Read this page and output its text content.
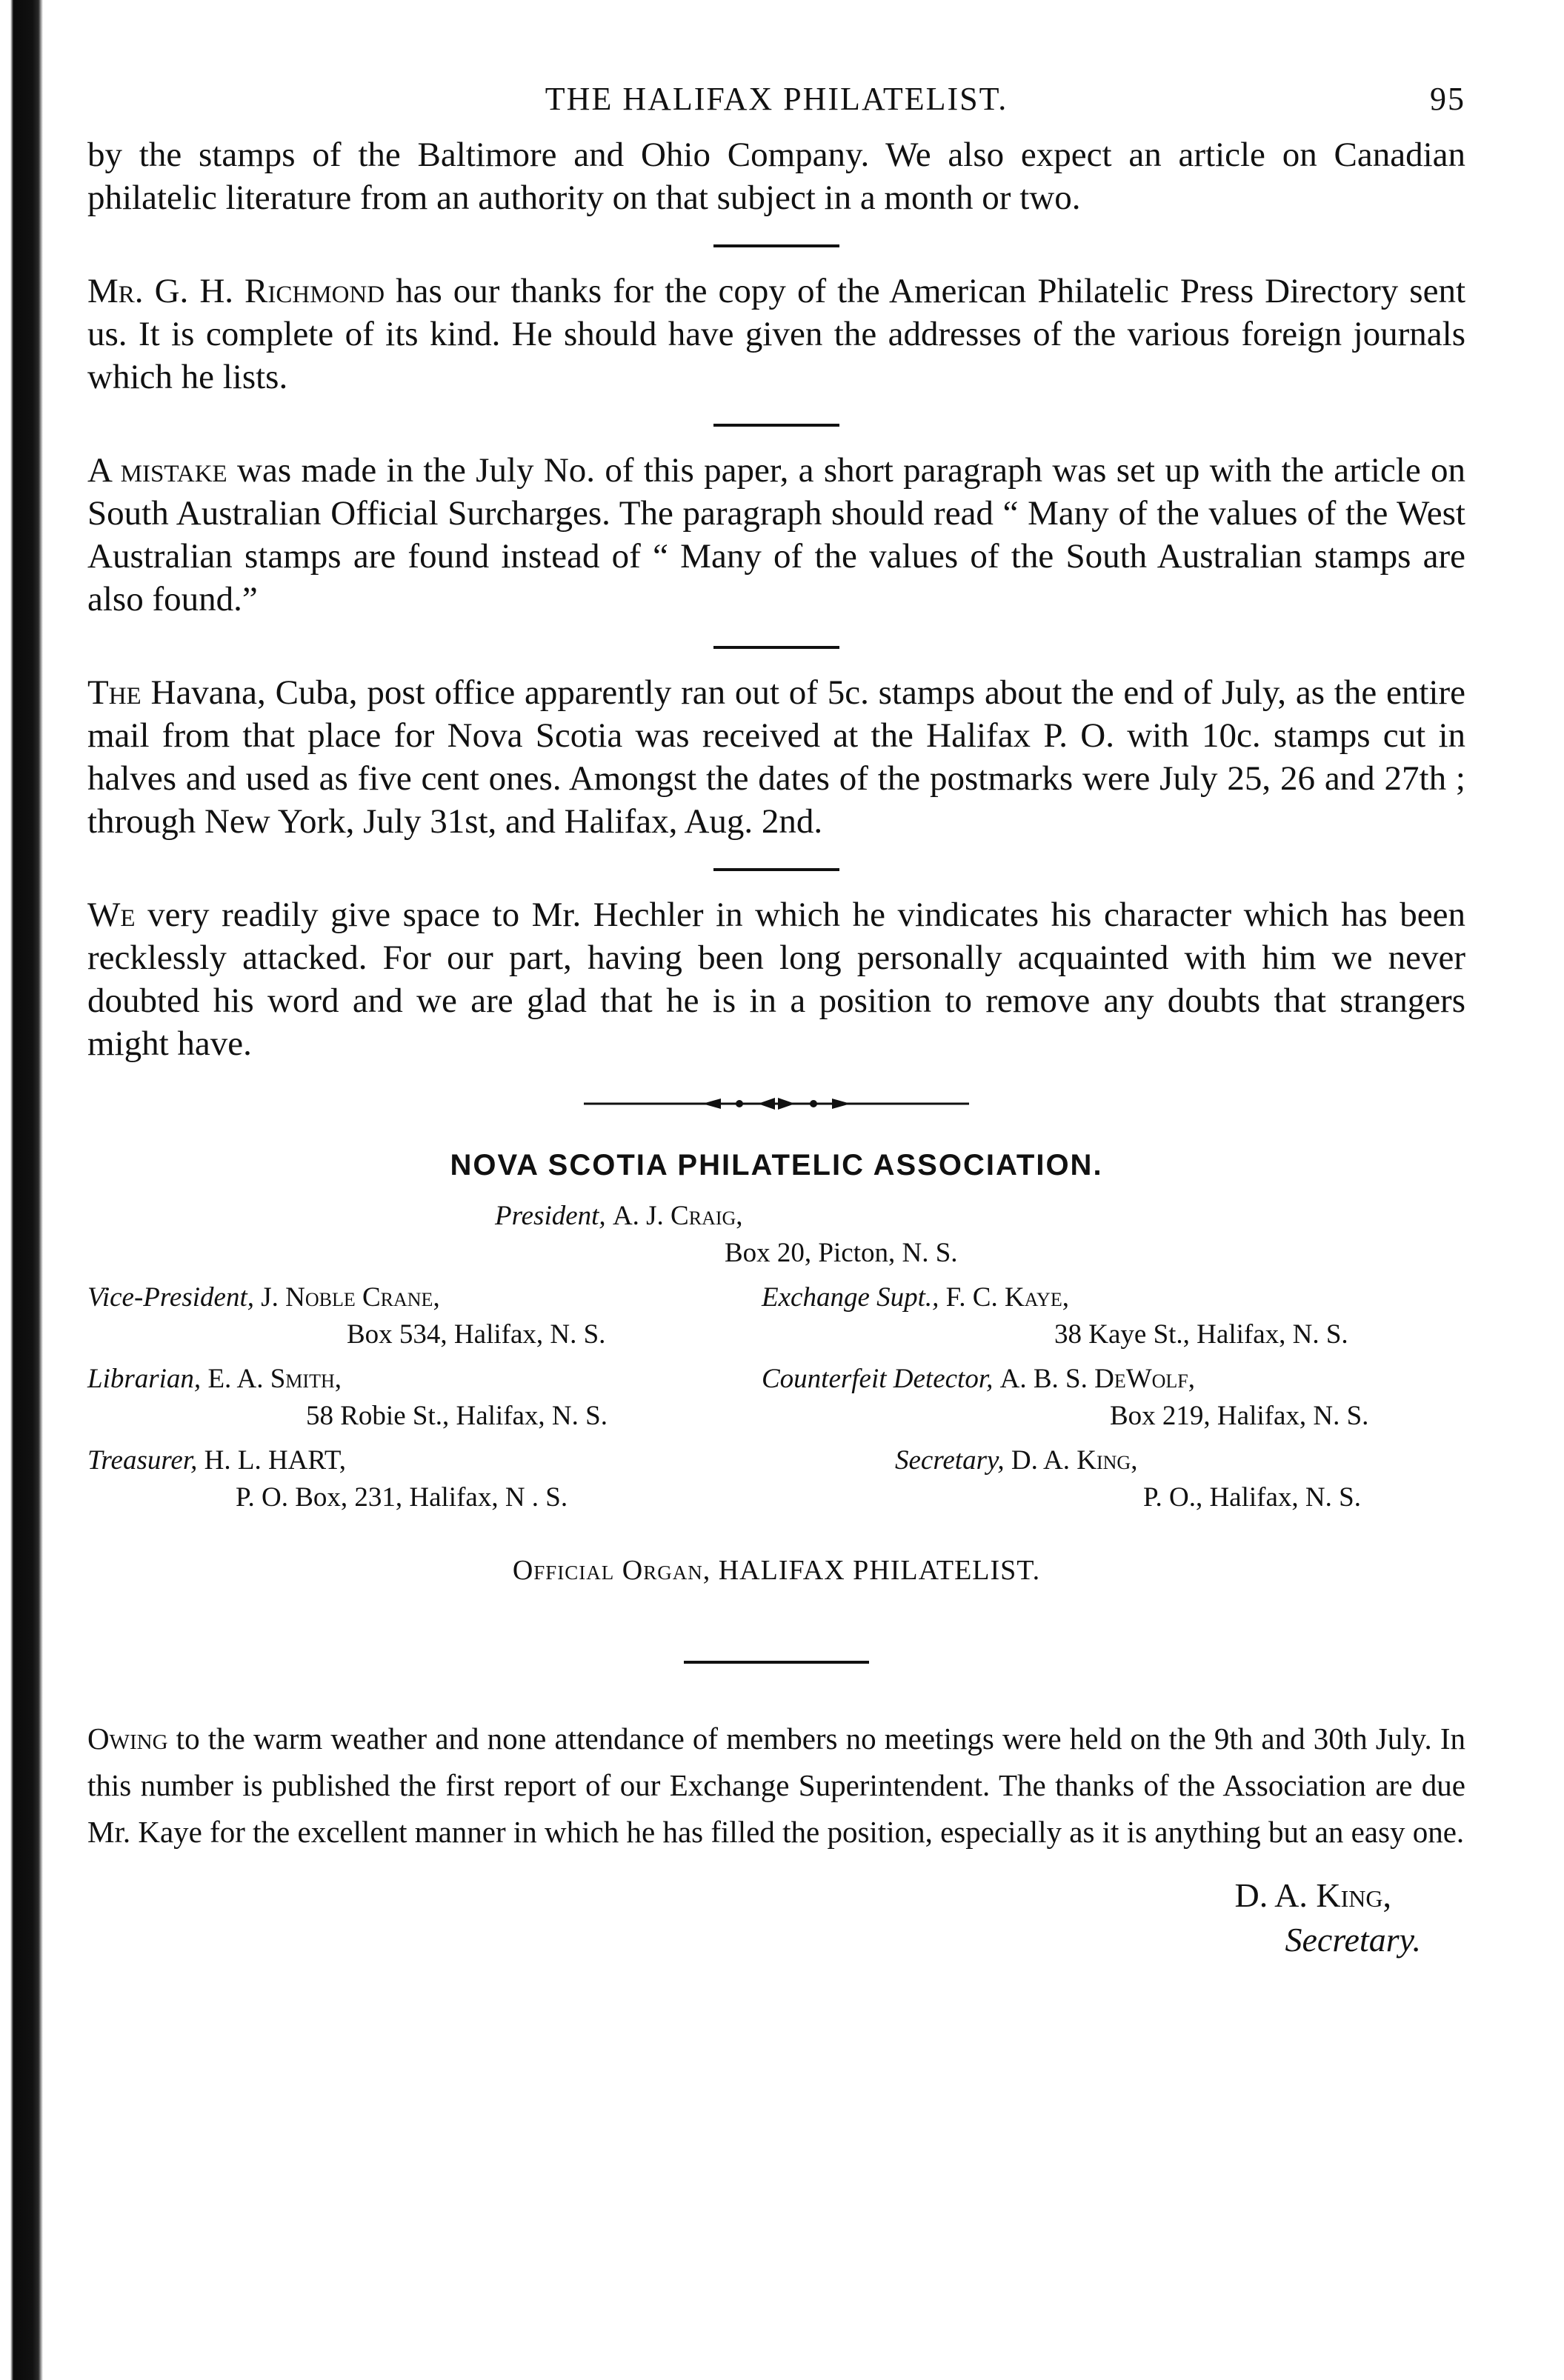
THE HALIFAX PHILATELIST.	95

by the stamps of the Baltimore and Ohio Company. We also expect an article on Canadian philatelic literature from an authority on that subject in a month or two.

Mr. G. H. Richmond has our thanks for the copy of the American Philatelic Press Directory sent us. It is complete of its kind. He should have given the addresses of the various foreign journals which he lists.

A mistake was made in the July No. of this paper, a short paragraph was set up with the article on South Australian Official Surcharges. The paragraph should read “ Many of the values of the West Australian stamps are found instead of “ Many of the values of the South Australian stamps are also found.”

The Havana, Cuba, post office apparently ran out of 5c. stamps about the end of July, as the entire mail from that place for Nova Scotia was received at the Halifax P. O. with 10c. stamps cut in halves and used as five cent ones. Amongst the dates of the postmarks were July 25, 26 and 27th ; through New York, July 31st, and Halifax, Aug. 2nd.

We very readily give space to Mr. Hechler in which he vindicates his character which has been recklessly attacked. For our part, having been long personally acquainted with him we never doubted his word and we are glad that he is in a position to remove any doubts that strangers might have.

NOVA SCOTIA PHILATELIC ASSOCIATION.
President, A. J. Craig,
Box 20, Picton, N. S.
Vice-President, J. Noble Crane,
Box 534, Halifax, N. S.
Exchange Supt., F. C. Kaye,
38 Kaye St., Halifax, N. S.
Librarian, E. A. Smith,
58 Robie St., Halifax, N. S.
Counterfeit Detector, A. B. S. DeWolf,
Box 219, Halifax, N. S.
Treasurer, H. L. HART,
P. O. Box, 231, Halifax, N . S.
Secretary, D. A. King,
P. O., Halifax, N. S.
Official Organ, HALIFAX PHILATELIST.

Owing to the warm weather and none attendance of members no meetings were held on the 9th and 30th July. In this number is published the first report of our Exchange Superintendent. The thanks of the Association are due Mr. Kaye for the excellent manner in which he has filled the position, especially as it is anything but an easy one.

D. A. King,
Secretary.
